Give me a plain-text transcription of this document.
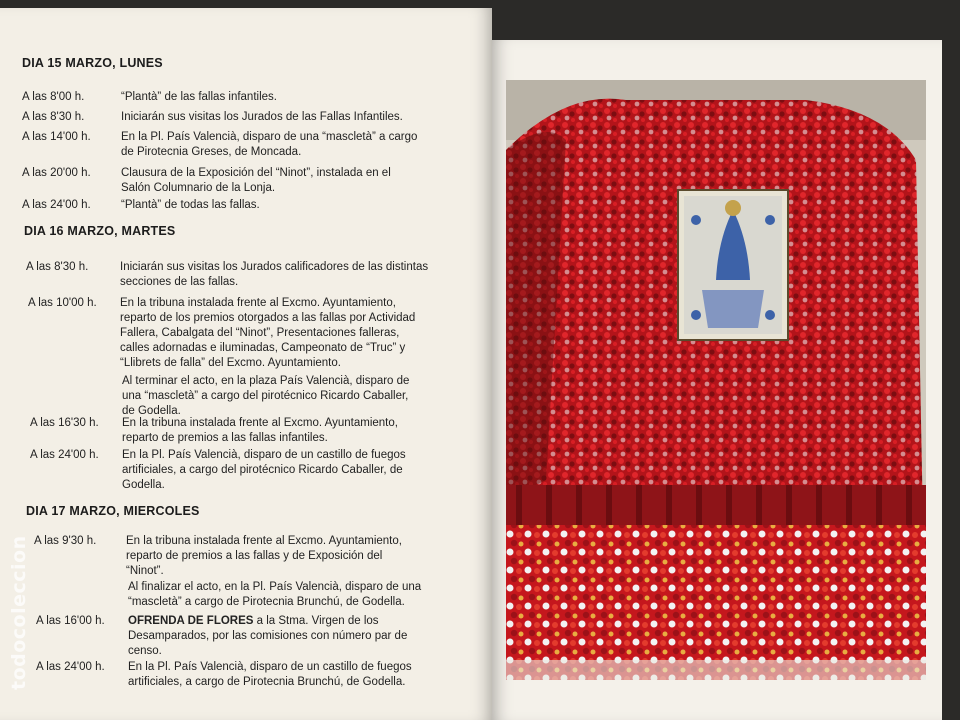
DIA 15 MARZO, LUNES
A las 8'00 h.	“Plantà” de las fallas infantiles.
A las 8'30 h.	Iniciarán sus visitas los Jurados de las Fallas Infantiles.
A las 14'00 h.	En la Pl. País Valencià, disparo de una “mascletà” a cargo
de Pirotecnia Greses, de Moncada.
A las 20'00 h.	Clausura de la Exposición del “Ninot”, instalada en el
Salón Columnario de la Lonja.
A las 24'00 h.	“Plantà” de todas las fallas.
DIA 16 MARZO, MARTES
A las 8'30 h.	Iniciarán sus visitas los Jurados calificadores de las distintas
secciones de las fallas.
A las 10'00 h. En la tribuna instalada frente al Excmo. Ayuntamiento,
reparto de los premios otorgados a las fallas por Actividad
Fallera, Cabalgata del “Ninot”, Presentaciones falleras,
calles adornadas e iluminadas, Campeonato de “Truc” y
“Llibrets de falla” del Excmo. Ayuntamiento.
Al terminar el acto, en la plaza País Valencià, disparo de
una “mascletà” a cargo del pirotécnico Ricardo Caballer,
de Godella.
A las 16'30 h. En la tribuna instalada frente al Excmo. Ayuntamiento,
reparto de premios a las fallas infantiles.
A las 24'00 h. En la Pl. País Valencià, disparo de un castillo de fuegos
artificiales, a cargo del pirotécnico Ricardo Caballer, de
Godella.
DIA 17 MARZO, MIERCOLES
A las 9'30 h.	En la tribuna instalada frente al Excmo. Ayuntamiento,
reparto de premios a las fallas y de Exposición del
“Ninot”.
Al finalizar el acto, en la Pl. País Valencià, disparo de una
“mascletà” a cargo de Pirotecnia Brunchú, de Godella.
A las 16'00 h. OFRENDA DE FLORES a la Stma. Virgen de los
Desamparados, por las comisiones con número par de
censo.
A las 24'00 h. En la Pl. País Valencià, disparo de un castillo de fuegos
artificiales, a cargo de Pirotecnia Brunchú, de Godella.
todocoleccion
